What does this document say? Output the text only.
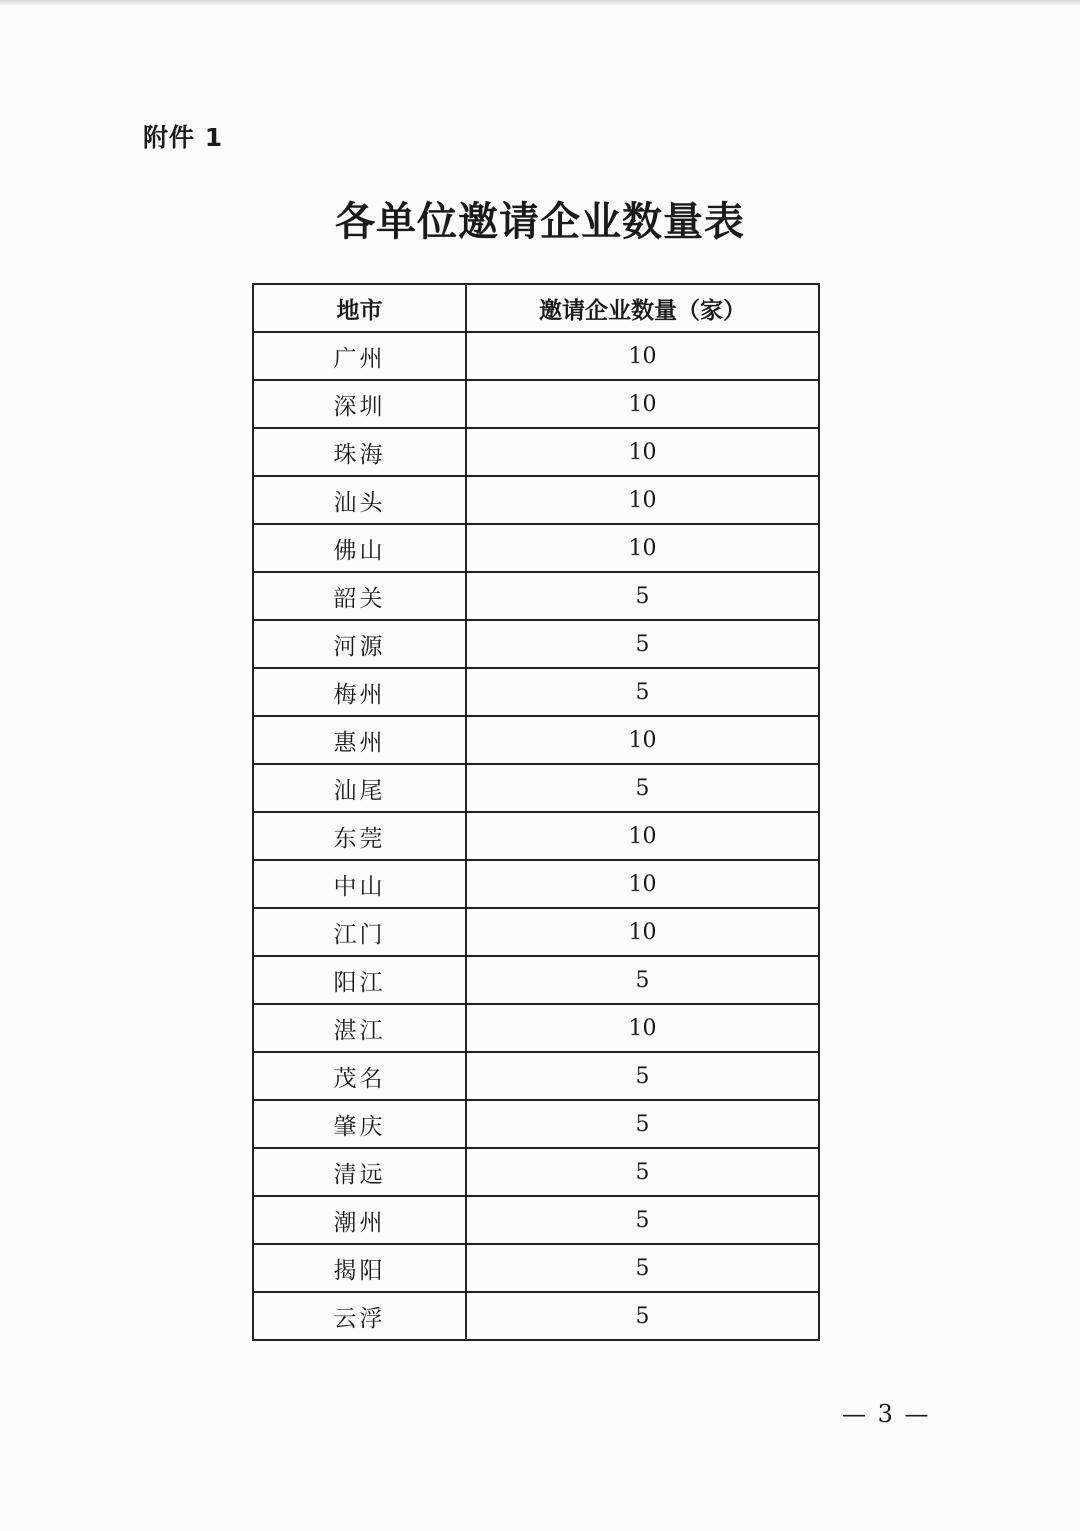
附件 1
各单位邀请企业数量表
地市	邀请企业数量（家）
广州	10
深圳	10
珠海	10
汕头	10
佛山	10
韶关	5
河源	5
梅州	5
惠州	10
汕尾	5
东莞	10
中山	10
江门	10
阳江	5
湛江	10
茂名	5
肇庆	5
清远	5
潮州	5
揭阳	5
云浮	5
— 3 —
